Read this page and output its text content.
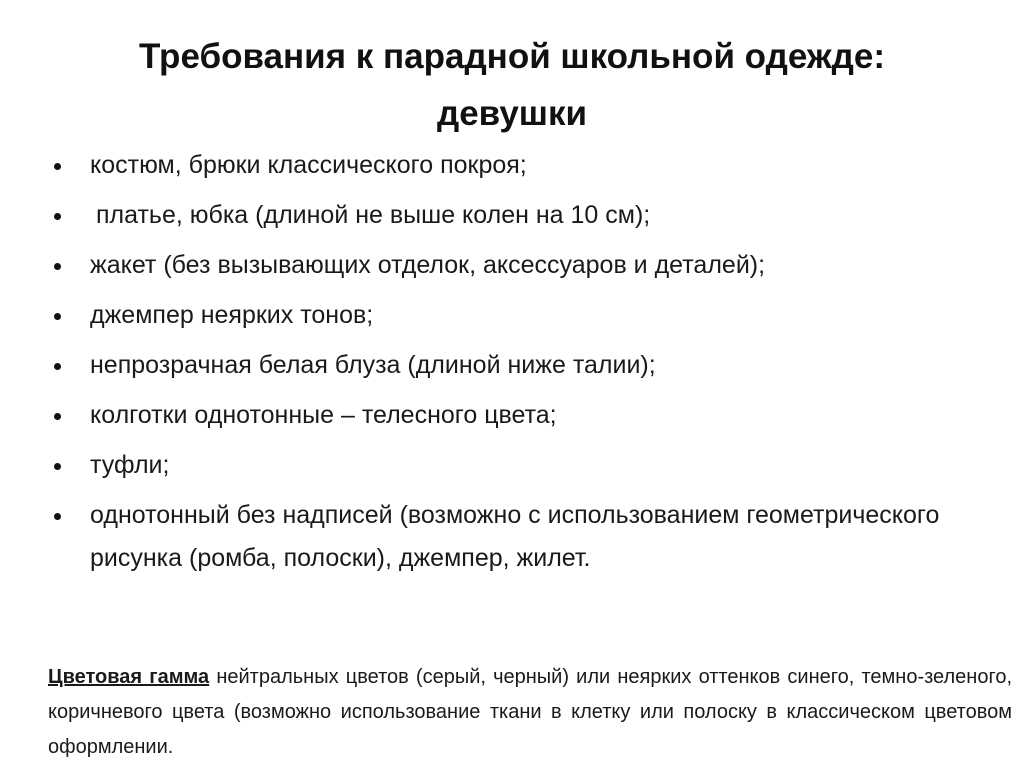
Требования к парадной школьной одежде:
девушки
костюм, брюки классического покроя;
платье, юбка (длиной не выше колен на 10 см);
жакет (без вызывающих отделок, аксессуаров и деталей);
джемпер неярких тонов;
непрозрачная белая блуза (длиной ниже талии);
колготки однотонные – телесного цвета;
туфли;
однотонный без надписей (возможно с использованием геометрического рисунка (ромба, полоски), джемпер, жилет.
Цветовая гамма нейтральных цветов (серый, черный) или неярких оттенков синего, темно-зеленого, коричневого цвета (возможно использование ткани в клетку или полоску в классическом цветовом оформлении.
